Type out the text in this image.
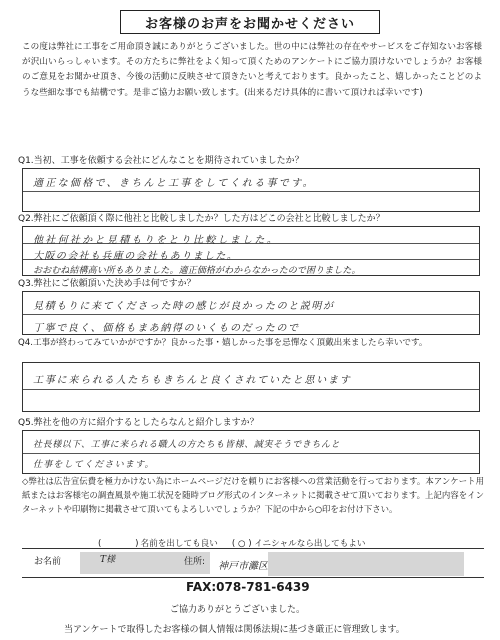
お客様のお声をお聞かせください
この度は弊社に工事をご用命頂き誠にありがとうございました。世の中には弊社の存在やサービスをご存知ないお客様が沢山いらっしゃいます。その方たちに弊社をよく知って頂くためのアンケートにご協力頂けないでしょうか？お客様のご意見をお聞かせ頂き、今後の活動に反映させて頂きたいと考えております。良かったこと、嬉しかったことどのような些細な事でも結構です。是非ご協力お願い致します。(出来るだけ具体的に書いて頂ければ幸いです)
Q1.当初、工事を依頼する会社にどんなことを期待されていましたか？
適正な価格で、きちんと工事をしてくれる事です。
Q2.弊社にご依頼頂く際に他社と比較しましたか？した方はどこの会社と比較しましたか？
他社何社かと見積もりをとり比較しました。
大阪の会社も兵庫の会社もありました。
おおむね結構高い所もありました。適正価格がわからなかったので困りました。
Q3.弊社にご依頼頂いた決め手は何ですか？
見積もりに来てくださった時の感じが良かったのと説明が
丁寧で良く、価格もまあ納得のいくものだったので
Q4.工事が終わってみていかがですか？良かった事・嬉しかった事を忌憚なく頂戴出来ましたら幸いです。
工事に来られる人たちもきちんと良くされていたと思います
Q5.弊社を他の方に紹介するとしたらなんと紹介しますか？
社長様以下、工事に来られる職人の方たちも皆様、誠実そうできちんと
仕事をしてくださいます。
◇弊社は広告宣伝費を極力かけない為にホームページだけを頼りにお客様への営業活動を行っております。本アンケート用紙またはお客様宅の調査風景や施工状況を随時ブログ形式のインターネットに掲載させて頂いております。上記内容をインターネットや印刷物に掲載させて頂いてもよろしいでしょうか？下記の中から○印をお付け下さい。
(　　　)名前を出しても良い ( ○ ) イニシャルなら出してもよい
お名前	T様	住所: 神戸市灘区
FAX:078-781-6439
ご協力ありがとうございました。
当アンケートで取得したお客様の個人情報は関係法規に基づき厳正に管理致します。
